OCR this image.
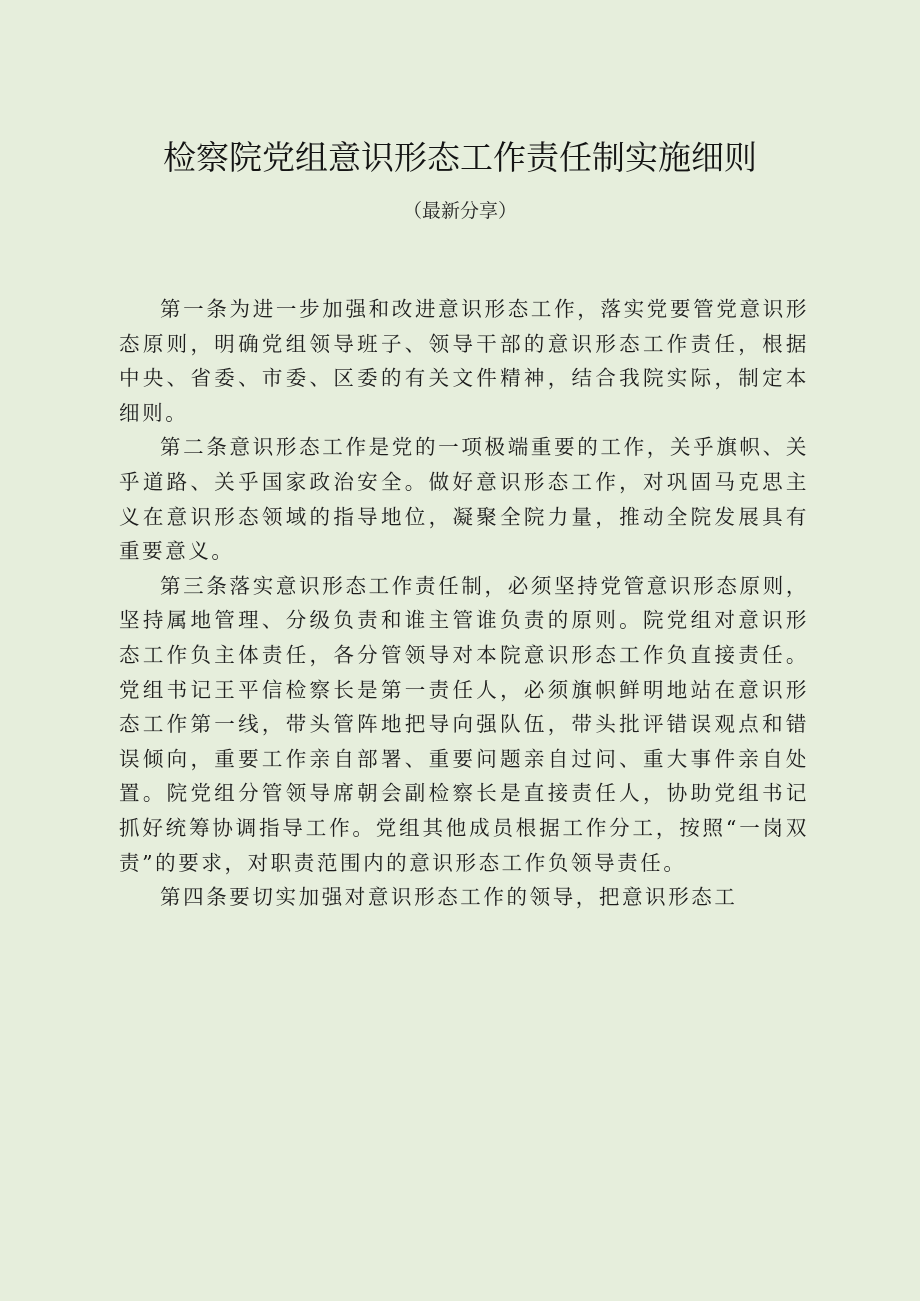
检察院党组意识形态工作责任制实施细则
（最新分享）

第一条为进一步加强和改进意识形态工作，落实党要管党意识形态原则，明确党组领导班子、领导干部的意识形态工作责任，根据中央、省委、市委、区委的有关文件精神，结合我院实际，制定本细则。

第二条意识形态工作是党的一项极端重要的工作，关乎旗帜、关乎道路、关乎国家政治安全。做好意识形态工作，对巩固马克思主义在意识形态领域的指导地位，凝聚全院力量，推动全院发展具有重要意义。

第三条落实意识形态工作责任制，必须坚持党管意识形态原则，坚持属地管理、分级负责和谁主管谁负责的原则。院党组对意识形态工作负主体责任，各分管领导对本院意识形态工作负直接责任。党组书记王平信检察长是第一责任人，必须旗帜鲜明地站在意识形态工作第一线，带头管阵地把导向强队伍，带头批评错误观点和错误倾向，重要工作亲自部署、重要问题亲自过问、重大事件亲自处置。院党组分管领导席朝会副检察长是直接责任人，协助党组书记抓好统筹协调指导工作。党组其他成员根据工作分工，按照“一岗双责”的要求，对职责范围内的意识形态工作负领导责任。

第四条要切实加强对意识形态工作的领导，把意识形态工
